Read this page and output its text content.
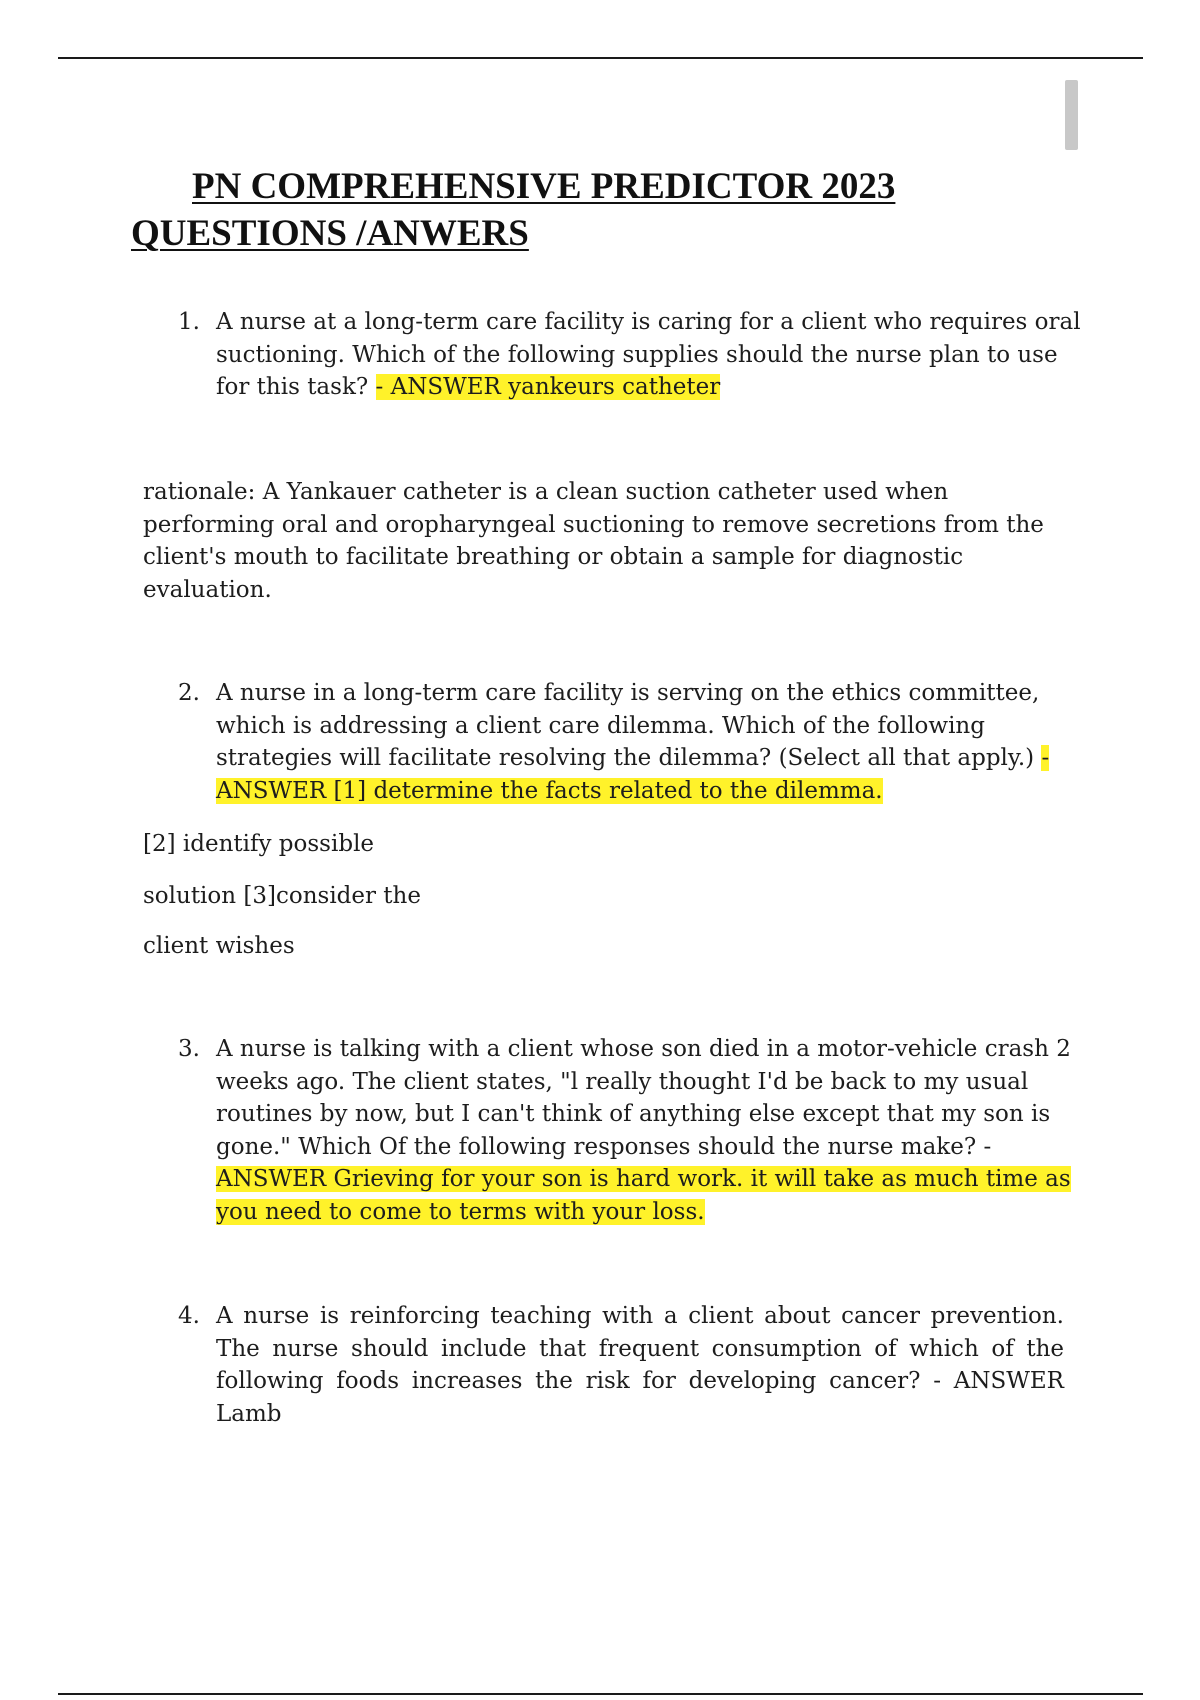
PN COMPREHENSIVE PREDICTOR 2023
QUESTIONS /ANWERS
1. A nurse at a long-term care facility is caring for a client who requires oral suctioning. Which of the following supplies should the nurse plan to use for this task? - ANSWER yankeurs catheter
rationale: A Yankauer catheter is a clean suction catheter used when performing oral and oropharyngeal suctioning to remove secretions from the client's mouth to facilitate breathing or obtain a sample for diagnostic evaluation.
2. A nurse in a long-term care facility is serving on the ethics committee, which is addressing a client care dilemma. Which of the following strategies will facilitate resolving the dilemma? (Select all that apply.) - ANSWER [1] determine the facts related to the dilemma.
[2] identify possible
solution [3]consider the
client wishes
3. A nurse is talking with a client whose son died in a motor-vehicle crash 2 weeks ago. The client states, "l really thought I'd be back to my usual routines by now, but I can't think of anything else except that my son is gone." Which Of the following responses should the nurse make? - ANSWER Grieving for your son is hard work. it will take as much time as you need to come to terms with your loss.
4. A nurse is reinforcing teaching with a client about cancer prevention. The nurse should include that frequent consumption of which of the following foods increases the risk for developing cancer? - ANSWER Lamb
